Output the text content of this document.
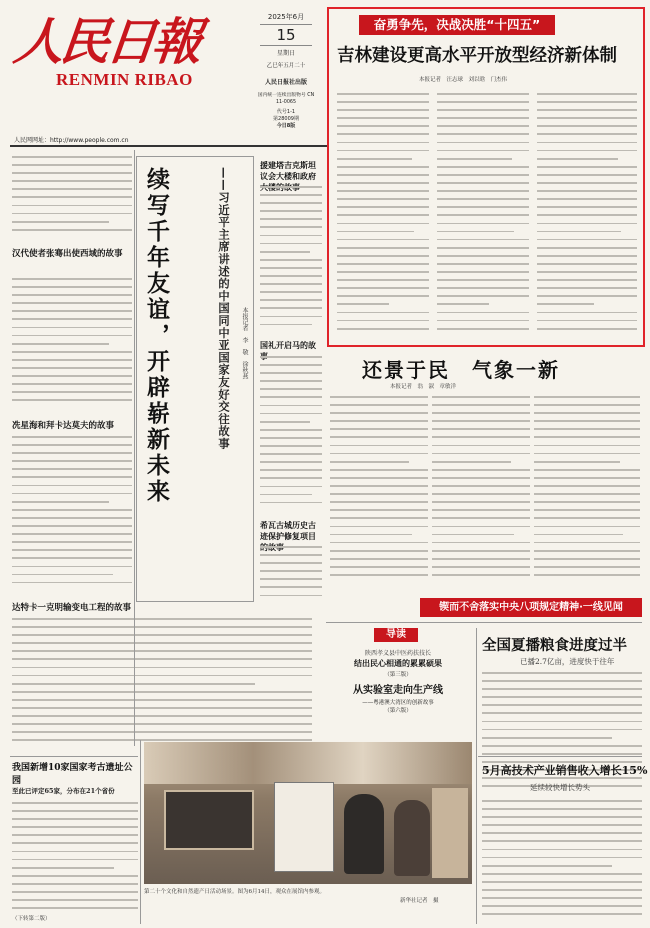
人民日報
RENMIN RIBAO
2025年6月
15
星期日
乙巳年五月二十
人民日报社出版
国内统一连续出版物号 CN 11-0065
代号1-1
第28009期
今日8版
人民网网址：http://www.people.com.cn
奋勇争先，决战决胜“十四五”
吉林建设更高水平开放型经济新体制
本报记者　汪志球　刘以晗　门杰伟
汉代使者张骞出使西域的故事
冼星海和拜卡达莫夫的故事
达特卡一克明输变电工程的故事
续写千年友谊，开辟崭新未来	——习近平主席讲述的中国同中亚国家友好交往故事 本报记者　李　敬　徐秋燕
援建塔吉克斯坦议会大楼和政府
国礼开启马的故
希瓦古城历史古迹保护修复项目
还景于民　气象一新
本报记者　翁　淑　章敏洋
锲而不舍落实中央八项规定精神·一线见闻
导读
陕西孝义县中医药扶技长
结出民心相通的累累硕果
（第三版）
从实验室走向生产线
——粤港澳大湾区的创新故事
（第六版）
全国夏播粮食进度过半
已播2.7亿亩，进度快于往年
5月高技术产业销售收入增长15%
延续较快增长势头
我国新增10家国家考古遗址公园
至此已评定65家，分布在21个省份
第二十个文化和自然遗产日活动场景。图为6月14日，观众在展馆内参观。
新华社记者　摄
（下转第二版）
